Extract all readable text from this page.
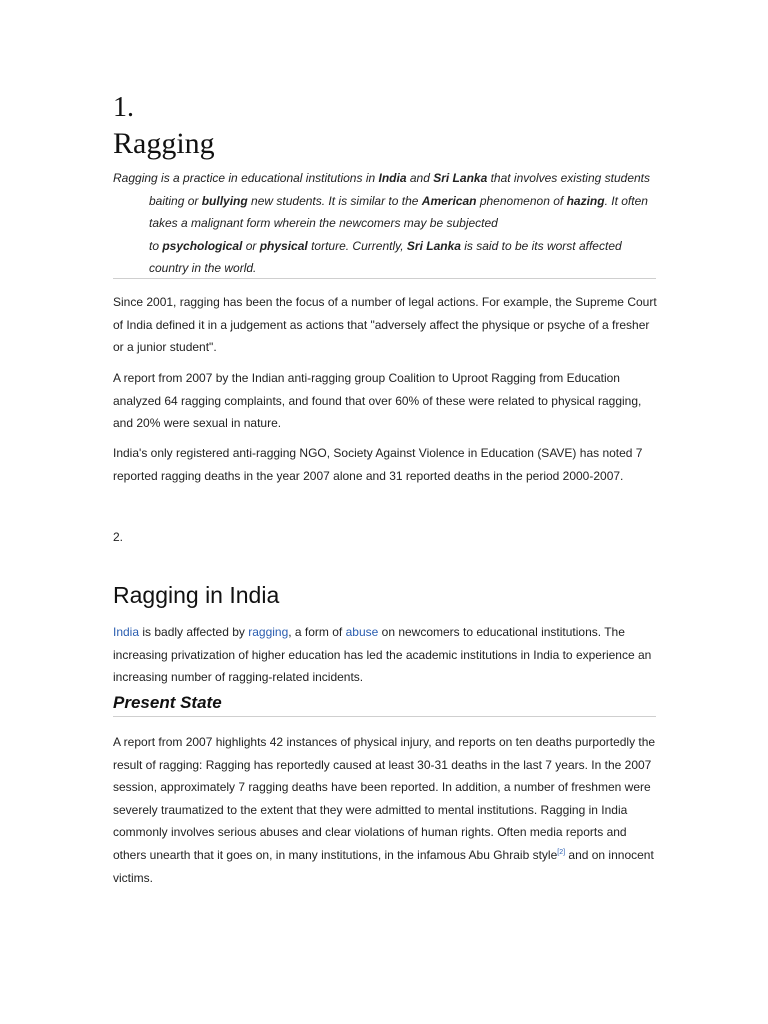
1.
Ragging
Ragging is a practice in educational institutions in India and Sri Lanka that involves existing students
baiting or bullying new students. It is similar to the American phenomenon of hazing. It often
takes a malignant form wherein the newcomers may be subjected
to psychological or physical torture. Currently, Sri Lanka is said to be its worst affected
country in the world.
Since 2001, ragging has been the focus of a number of legal actions. For example, the Supreme Court
of India defined it in a judgement as actions that "adversely affect the physique or psyche of a fresher
or a junior student".
A report from 2007 by the Indian anti-ragging group Coalition to Uproot Ragging from Education
analyzed 64 ragging complaints, and found that over 60% of these were related to physical ragging,
and 20% were sexual in nature.
India's only registered anti-ragging NGO, Society Against Violence in Education (SAVE) has noted 7
reported ragging deaths in the year 2007 alone and 31 reported deaths in the period 2000-2007.
2.
Ragging in India
India is badly affected by ragging, a form of abuse on newcomers to educational institutions. The
increasing privatization of higher education has led the academic institutions in India to experience an
increasing number of ragging-related incidents.
Present State
A report from 2007 highlights 42 instances of physical injury, and reports on ten deaths purportedly the
result of ragging: Ragging has reportedly caused at least 30-31 deaths in the last 7 years. In the 2007
session, approximately 7 ragging deaths have been reported. In addition, a number of freshmen were
severely traumatized to the extent that they were admitted to mental institutions. Ragging in India
commonly involves serious abuses and clear violations of human rights. Often media reports and
others unearth that it goes on, in many institutions, in the infamous Abu Ghraib style[2] and on innocent
victims.
